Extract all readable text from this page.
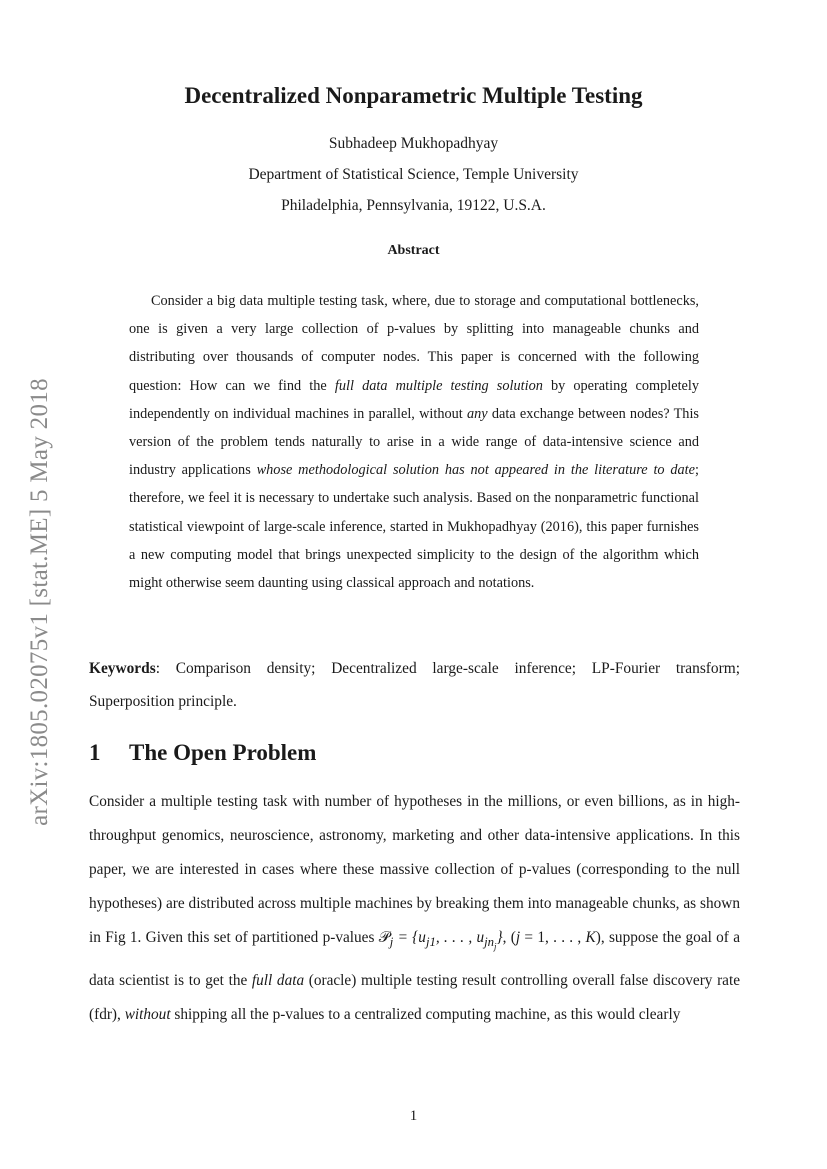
arXiv:1805.02075v1 [stat.ME] 5 May 2018
Decentralized Nonparametric Multiple Testing
Subhadeep Mukhopadhyay
Department of Statistical Science, Temple University
Philadelphia, Pennsylvania, 19122, U.S.A.
Abstract
Consider a big data multiple testing task, where, due to storage and computational bottlenecks, one is given a very large collection of p-values by splitting into manageable chunks and distributing over thousands of computer nodes. This paper is concerned with the following question: How can we find the full data multiple testing solution by operating completely independently on individual machines in parallel, without any data exchange between nodes? This version of the problem tends naturally to arise in a wide range of data-intensive science and industry applications whose methodological solution has not appeared in the literature to date; therefore, we feel it is necessary to undertake such analysis. Based on the nonparametric functional statistical viewpoint of large-scale inference, started in Mukhopadhyay (2016), this paper furnishes a new computing model that brings unexpected simplicity to the design of the algorithm which might otherwise seem daunting using classical approach and notations.
Keywords: Comparison density; Decentralized large-scale inference; LP-Fourier transform; Superposition principle.
1 The Open Problem
Consider a multiple testing task with number of hypotheses in the millions, or even billions, as in high-throughput genomics, neuroscience, astronomy, marketing and other data-intensive applications. In this paper, we are interested in cases where these massive collection of p-values (corresponding to the null hypotheses) are distributed across multiple machines by breaking them into manageable chunks, as shown in Fig 1. Given this set of partitioned p-values 𝒫$_j$ = {$u_{j1}$, . . . , $u_{jn_j}$}, (j = 1, . . . , K), suppose the goal of a data scientist is to get the full data (oracle) multiple testing result controlling overall false discovery rate (fdr), without shipping all the p-values to a centralized computing machine, as this would clearly
1
